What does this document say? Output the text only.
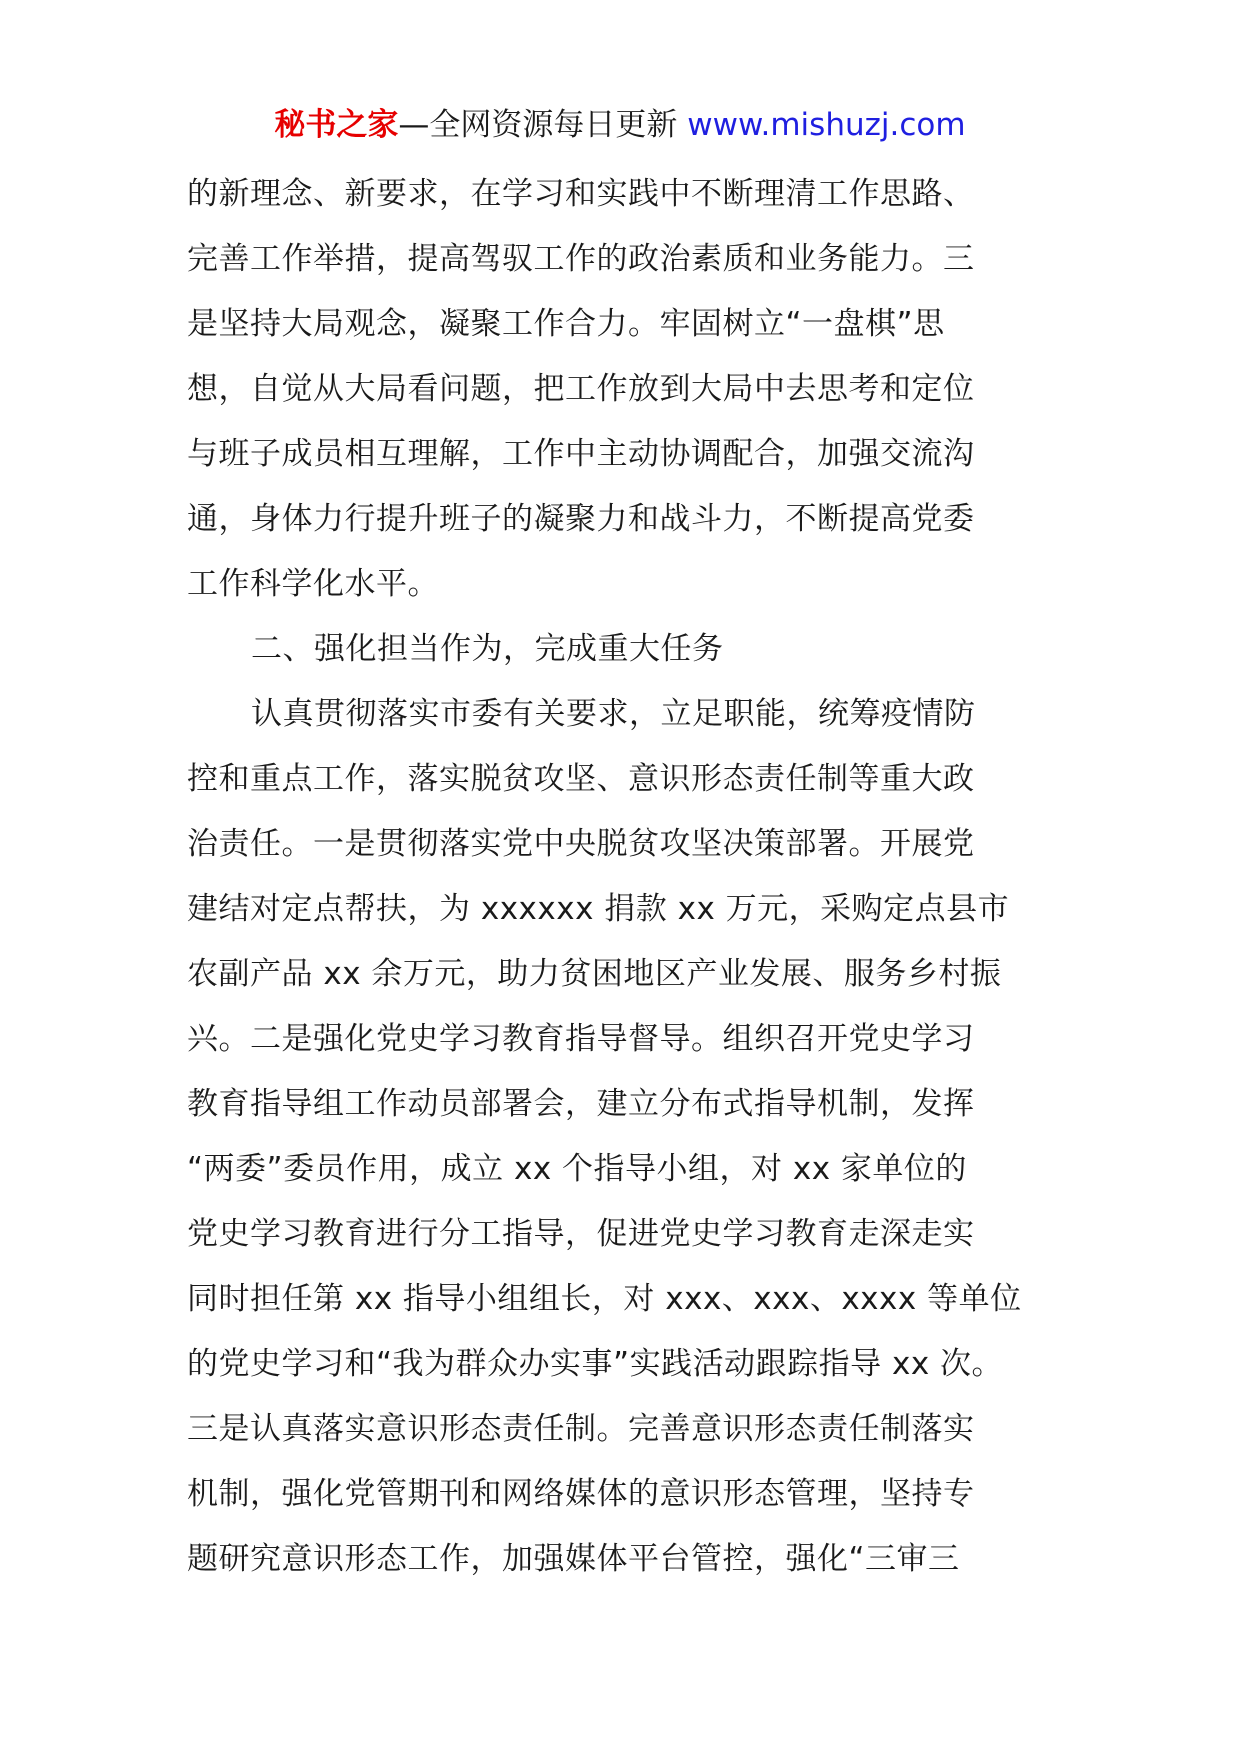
秘书之家—全网资源每日更新 www.mishuzj.com
的新理念、新要求，在学习和实践中不断理清工作思路、
完善工作举措，提高驾驭工作的政治素质和业务能力。三
是坚持大局观念，凝聚工作合力。牢固树立“一盘棋”思
想，自觉从大局看问题，把工作放到大局中去思考和定位
与班子成员相互理解，工作中主动协调配合，加强交流沟
通，身体力行提升班子的凝聚力和战斗力，不断提高党委
工作科学化水平。
二、强化担当作为，完成重大任务
认真贯彻落实市委有关要求，立足职能，统筹疫情防
控和重点工作，落实脱贫攻坚、意识形态责任制等重大政
治责任。一是贯彻落实党中央脱贫攻坚决策部署。开展党
建结对定点帮扶，为 xxxxxx 捐款 xx 万元，采购定点县市
农副产品 xx 余万元，助力贫困地区产业发展、服务乡村振
兴。二是强化党史学习教育指导督导。组织召开党史学习
教育指导组工作动员部署会，建立分布式指导机制，发挥
“两委”委员作用，成立 xx 个指导小组，对 xx 家单位的
党史学习教育进行分工指导，促进党史学习教育走深走实
同时担任第 xx 指导小组组长，对 xxx、xxx、xxxx 等单位
的党史学习和“我为群众办实事”实践活动跟踪指导 xx 次。
三是认真落实意识形态责任制。完善意识形态责任制落实
机制，强化党管期刊和网络媒体的意识形态管理，坚持专
题研究意识形态工作，加强媒体平台管控，强化“三审三
